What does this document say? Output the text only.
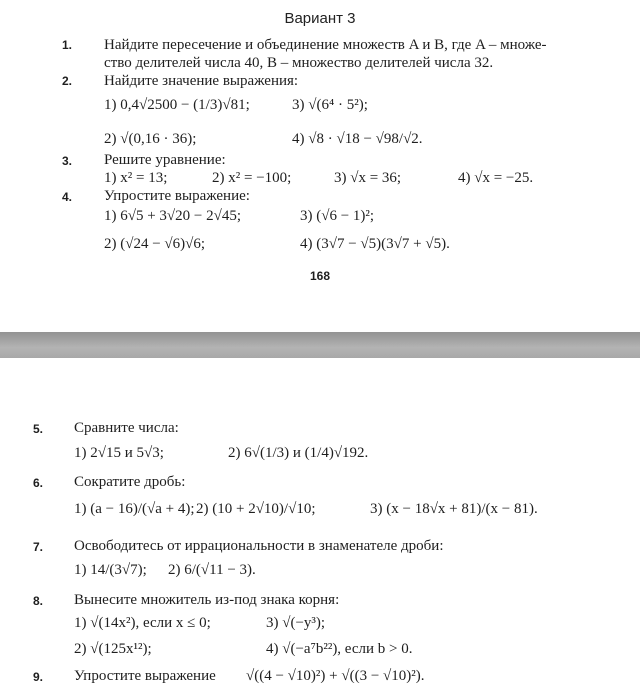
Вариант 3
1. Найдите пересечение и объединение множеств A и B, где A – множе-
ство делителей числа 40, B – множество делителей числа 32.
2. Найдите значение выражения:
1) 0,4√2500 − (1/3)√81;	3) √(6⁴ · 5²);
2) √(0,16 · 36);	4) √8 · √18 − √98/√2.
3. Решите уравнение:
1) x² = 13;	2) x² = −100;	3) √x = 36;	4) √x = −25.
4. Упростите выражение:
1) 6√5 + 3√20 − 2√45;	3) (√6 − 1)²;
2) (√24 − √6)√6;	4) (3√7 − √5)(3√7 + √5).
168
5. Сравните числа:
1) 2√15 и 5√3;	2) 6√(1/3) и (1/4)√192.
6. Сократите дробь:
1) (a − 16)/(√a + 4); 2) (10 + 2√10)/√10;	3) (x − 18√x + 81)/(x − 81).
7. Освободитесь от иррациональности в знаменателе дроби:
1) 14/(3√7); 2) 6/(√11 − 3).
8. Вынесите множитель из-под знака корня:
1) √(14x²), если x ≤ 0;	3) √(−y³);
2) √(125x¹²);	4) √(−a⁷b²²), если b > 0.
9. Упростите выражение √((4 − √10)²) + √((3 − √10)²).
